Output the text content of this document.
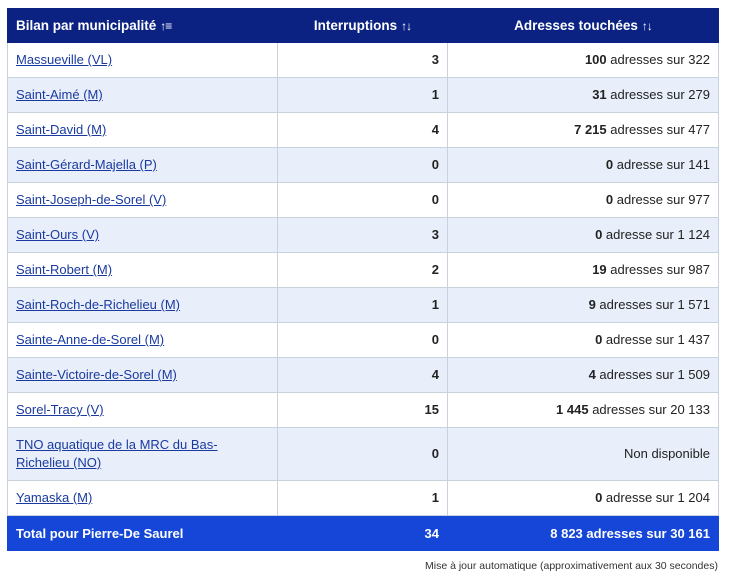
Bilan par municipalité ↑≡	Interruptions ↑↓	Adresses touchées ↑↓
Massueville (VL)	3	100 adresses sur 322
Saint-Aimé (M)	1	31 adresses sur 279
Saint-David (M)	4	7 215 adresses sur 477
Saint-Gérard-Majella (P)	0	0 adresse sur 141
Saint-Joseph-de-Sorel (V)	0	0 adresse sur 977
Saint-Ours (V)	3	0 adresse sur 1 124
Saint-Robert (M)	2	19 adresses sur 987
Saint-Roch-de-Richelieu (M)	1	9 adresses sur 1 571
Sainte-Anne-de-Sorel (M)	0	0 adresse sur 1 437
Sainte-Victoire-de-Sorel (M)	4	4 adresses sur 1 509
Sorel-Tracy (V)	15	1 445 adresses sur 20 133
TNO aquatique de la MRC du Bas-Richelieu (NO)	0	Non disponible
Yamaska (M)	1	0 adresse sur 1 204
Total pour Pierre-De Saurel	34	8 823 adresses sur 30 161
Mise à jour automatique (approximativement aux 30 secondes)
